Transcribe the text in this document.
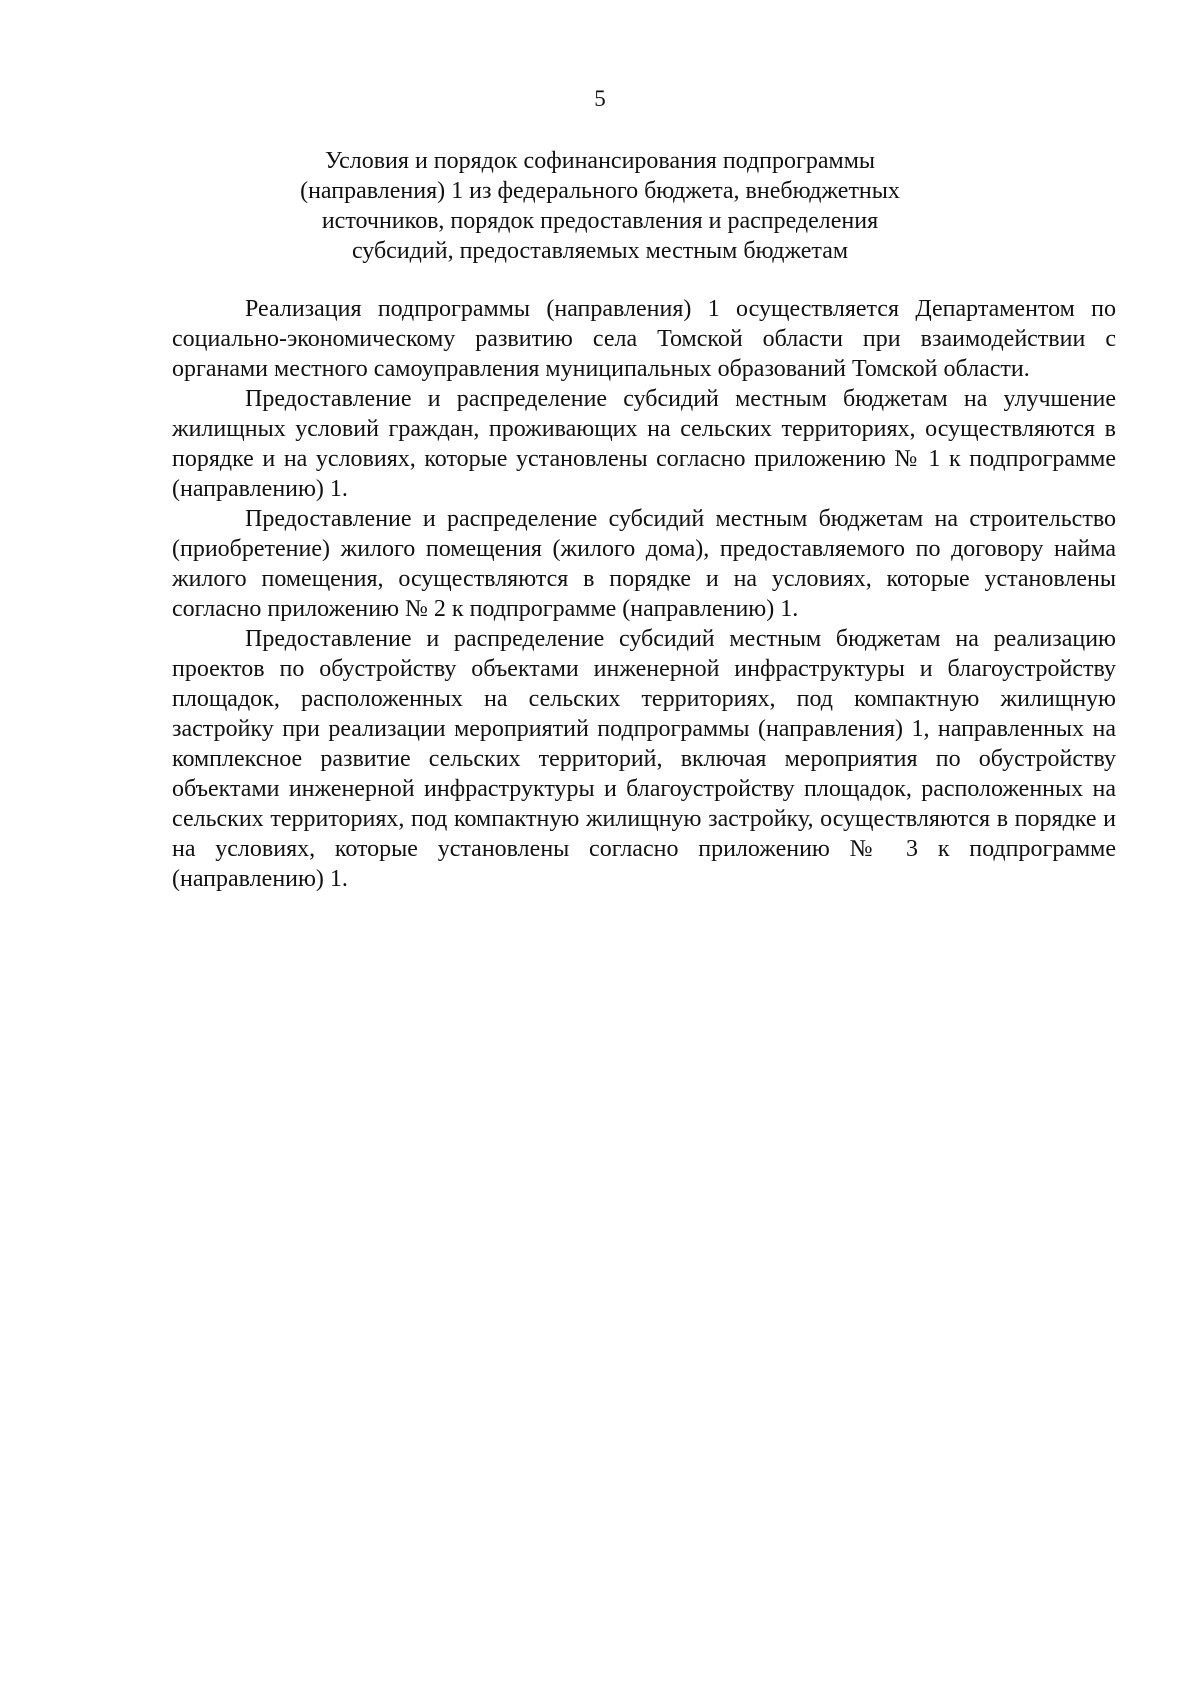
5
Условия и порядок софинансирования подпрограммы
(направления) 1 из федерального бюджета, внебюджетных
источников, порядок предоставления и распределения
субсидий, предоставляемых местным бюджетам

Реализация подпрограммы (направления) 1 осуществляется Департаментом по социально-экономическому развитию села Томской области при взаимодействии с органами местного самоуправления муниципальных образований Томской области.

Предоставление и распределение субсидий местным бюджетам на улучшение жилищных условий граждан, проживающих на сельских территориях, осуществляются в порядке и на условиях, которые установлены согласно приложению № 1 к подпрограмме (направлению) 1.

Предоставление и распределение субсидий местным бюджетам на строительство (приобретение) жилого помещения (жилого дома), предоставляемого по договору найма жилого помещения, осуществляются в порядке и на условиях, которые установлены согласно приложению № 2 к подпрограмме (направлению) 1.

Предоставление и распределение субсидий местным бюджетам на реализацию проектов по обустройству объектами инженерной инфраструктуры и благоустройству площадок, расположенных на сельских территориях, под компактную жилищную застройку при реализации мероприятий подпрограммы (направления) 1, направленных на комплексное развитие сельских территорий, включая мероприятия по обустройству объектами инженерной инфраструктуры и благоустройству площадок, расположенных на сельских территориях, под компактную жилищную застройку, осуществляются в порядке и на условиях, которые установлены согласно приложению № 3 к подпрограмме (направлению) 1.
